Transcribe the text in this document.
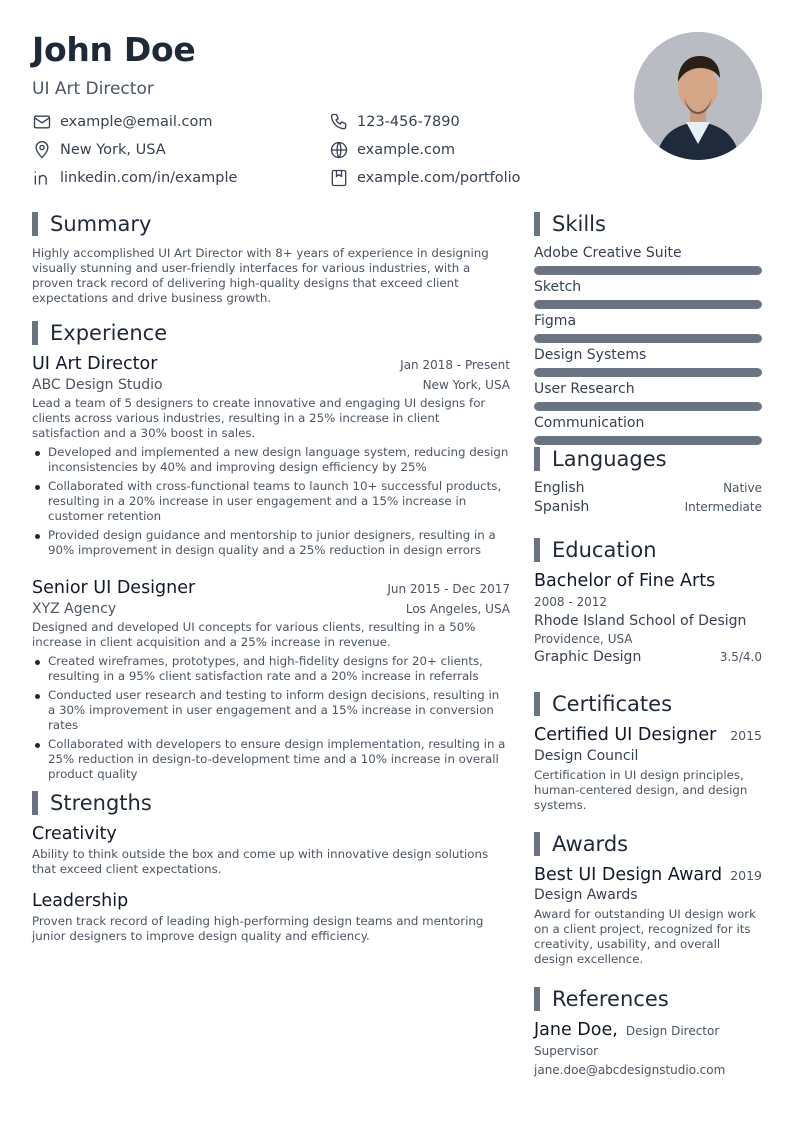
John Doe
UI Art Director
example@email.com	123-456-7890
New York, USA	example.com
linkedin.com/in/example	example.com/portfolio
Summary
Highly accomplished UI Art Director with 8+ years of experience in designing visually stunning and user-friendly interfaces for various industries, with a proven track record of delivering high-quality designs that exceed client expectations and drive business growth.
Experience
UI Art Director	Jan 2018 - Present
ABC Design Studio	New York, USA
Lead a team of 5 designers to create innovative and engaging UI designs for clients across various industries, resulting in a 25% increase in client satisfaction and a 30% boost in sales.
Developed and implemented a new design language system, reducing design inconsistencies by 40% and improving design efficiency by 25%
Collaborated with cross-functional teams to launch 10+ successful products, resulting in a 20% increase in user engagement and a 15% increase in customer retention
Provided design guidance and mentorship to junior designers, resulting in a 90% improvement in design quality and a 25% reduction in design errors
Senior UI Designer	Jun 2015 - Dec 2017
XYZ Agency	Los Angeles, USA
Designed and developed UI concepts for various clients, resulting in a 50% increase in client acquisition and a 25% increase in revenue.
Created wireframes, prototypes, and high-fidelity designs for 20+ clients, resulting in a 95% client satisfaction rate and a 20% increase in referrals
Conducted user research and testing to inform design decisions, resulting in a 30% improvement in user engagement and a 15% increase in conversion rates
Collaborated with developers to ensure design implementation, resulting in a 25% reduction in design-to-development time and a 10% increase in overall product quality
Strengths
Creativity
Ability to think outside the box and come up with innovative design solutions that exceed client expectations.
Leadership
Proven track record of leading high-performing design teams and mentoring junior designers to improve design quality and efficiency.
Skills
Adobe Creative Suite
Sketch
Figma
Design Systems
User Research
Communication
Languages
English	Native
Spanish	Intermediate
Education
Bachelor of Fine Arts
2008 - 2012
Rhode Island School of Design
Providence, USA
Graphic Design	3.5/4.0
Certificates
Certified UI Designer 2015
Design Council
Certification in UI design principles, human-centered design, and design systems.
Awards
Best UI Design Award 2019
Design Awards
Award for outstanding UI design work on a client project, recognized for its creativity, usability, and overall design excellence.
References
Jane Doe, Design Director
Supervisor
jane.doe@abcdesignstudio.com
